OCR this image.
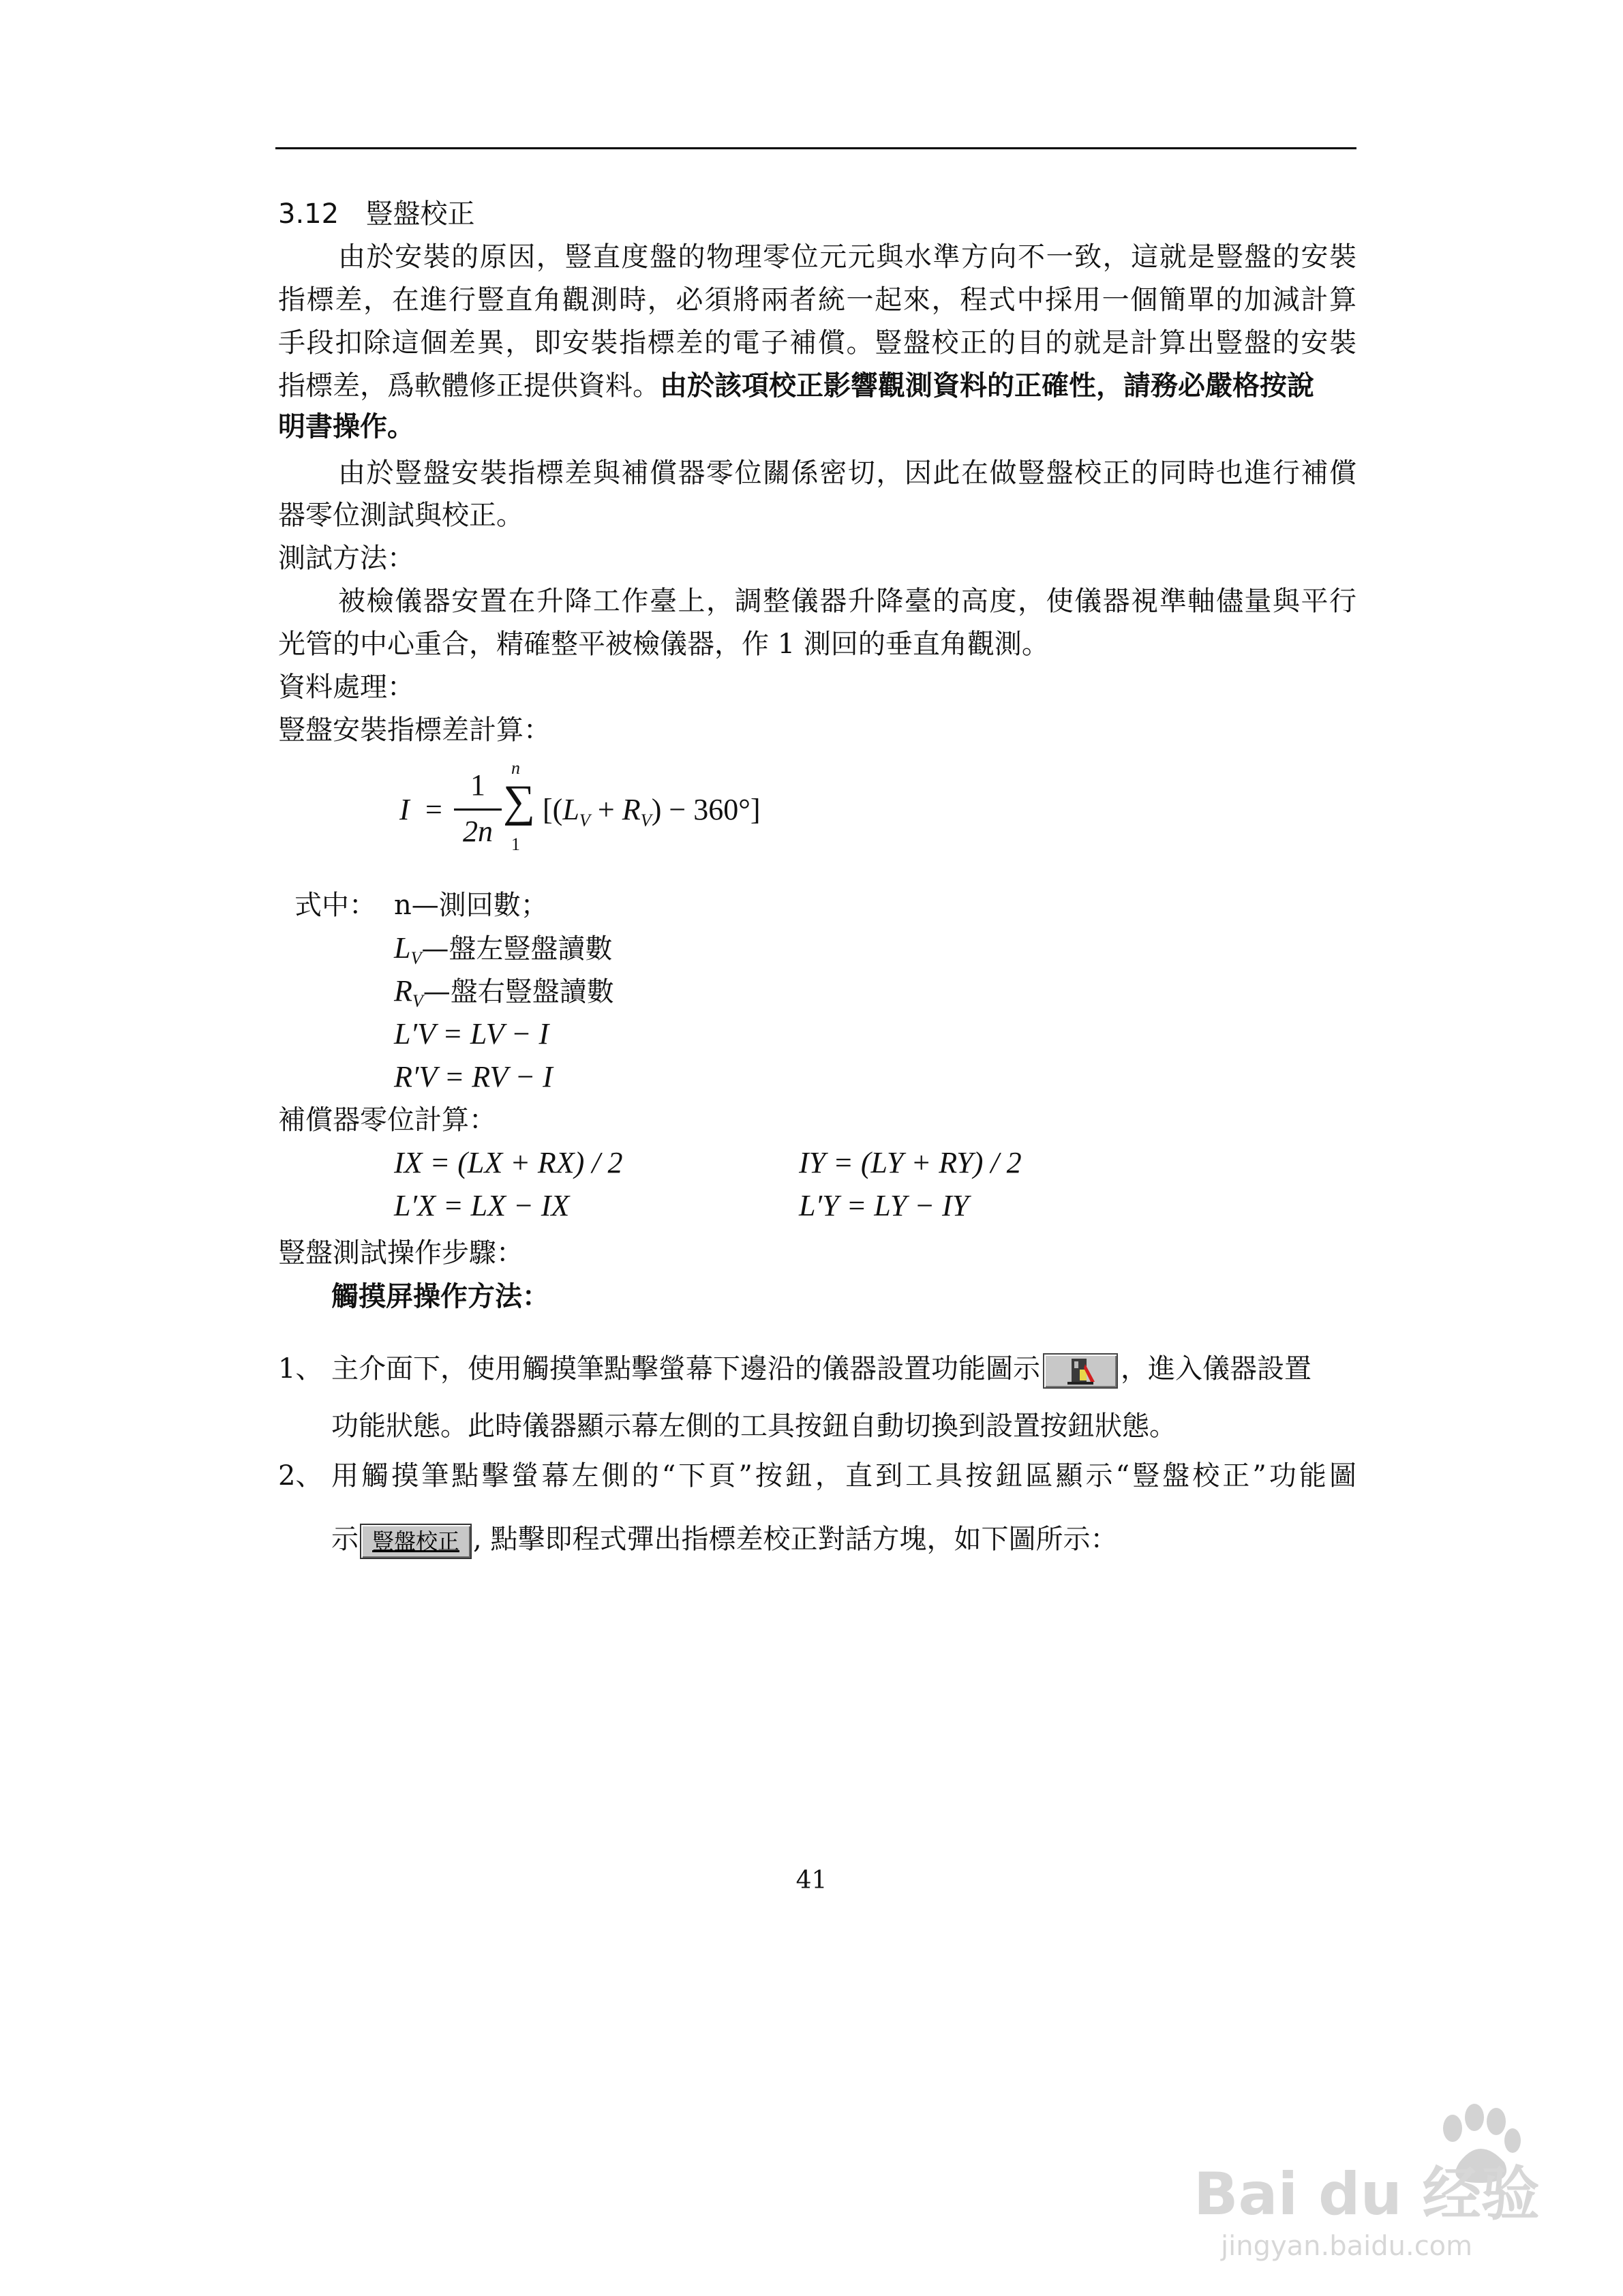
3.12 豎盤校正
由於安裝的原因，豎直度盤的物理零位元元與水準方向不一致，這就是豎盤的安裝
指標差，在進行豎直角觀測時，必須將兩者統一起來，程式中採用一個簡單的加減計算
手段扣除這個差異，即安裝指標差的電子補償。豎盤校正的目的就是計算出豎盤的安裝
指標差，爲軟體修正提供資料。由於該項校正影響觀測資料的正確性，請務必嚴格按說
明書操作。
由於豎盤安裝指標差與補償器零位關係密切，因此在做豎盤校正的同時也進行補償
器零位測試與校正。
測試方法：
被檢儀器安置在升降工作臺上，調整儀器升降臺的高度，使儀器視準軸儘量與平行
光管的中心重合，精確整平被檢儀器，作 1 測回的垂直角觀測。
資料處理：
豎盤安裝指標差計算：
I =
1
2n
n
∑
1
$[(L_V + R_V) - 360^\circ]$
式中： n—測回數；
$L_V—$盤左豎盤讀數
$R_V—$盤右豎盤讀數
L′V = LV − I
R′V = RV − I
補償器零位計算：
IX = (LX + RX) / 2	IY = (LY + RY) / 2
L′X = LX − IX	L′Y = LY − IY
豎盤測試操作步驟：
觸摸屏操作方法：
1、 主介面下，使用觸摸筆點擊螢幕下邊沿的儀器設置功能圖示	，進入儀器設置
功能狀態。此時儀器顯示幕左側的工具按鈕自動切換到設置按鈕狀態。
2、 用觸摸筆點擊螢幕左側的“下頁”按鈕，直到工具按鈕區顯示“豎盤校正”功能圖
示 豎盤校正 , 點擊即程式彈出指標差校正對話方塊，如下圖所示：
41
Bai du 经验
jingyan.baidu.com
